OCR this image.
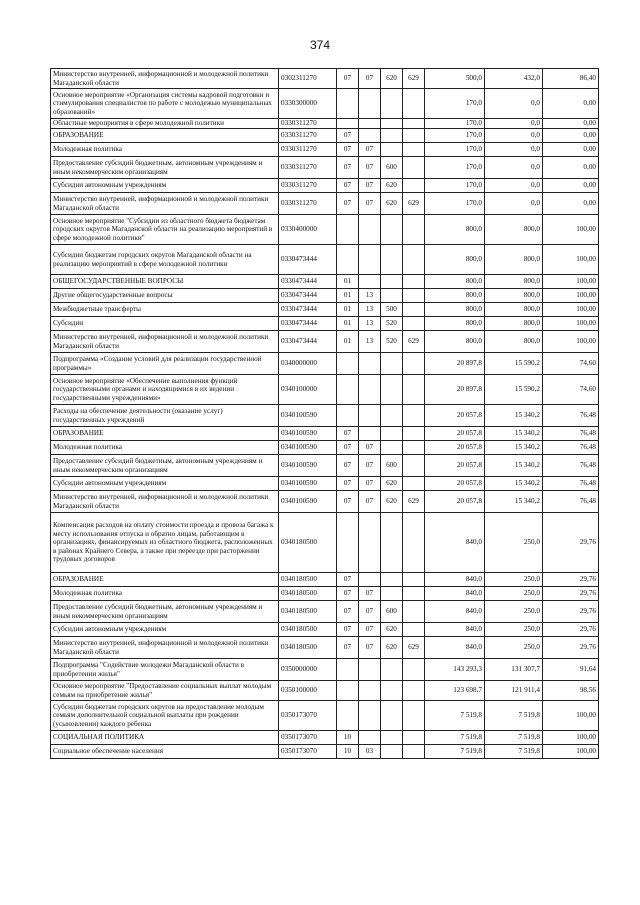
374
Министерство внутренней, информационной и молодежной политики Магаданской области	0302311270	07	07	620	629	500,0	432,0	86,40
Основное мероприятие «Организация системы кадровой подготовки и стимулирования специалистов по работе с молодежью муниципальных образований»	0330300000					170,0	0,0	0,00
Областные мероприятия в сфере молодежной политики	0330311270					170,0	0,0	0,00
ОБРАЗОВАНИЕ	0330311270	07				170,0	0,0	0,00
Молодежная политика	0330311270	07	07			170,0	0,0	0,00
Предоставление субсидий бюджетным, автономным учреждениям и иным некоммерческим организациям	0330311270	07	07	600		170,0	0,0	0,00
Субсидии автономным учреждениям	0330311270	07	07	620		170,0	0,0	0,00
Министерство внутренней, информационной и молодежной политики Магаданской области	0330311270	07	07	620	629	170,0	0,0	0,00
Основное мероприятие "Субсидии из областного бюджета бюджетам городских округов Магаданской области на реализацию мероприятий в сфере молодежной политики"	0330400000					800,0	800,0	100,00
Субсидии бюджетам городских округов Магаданской области на реализацию мероприятий в сфере молодежной политики	0330473444					800,0	800,0	100,00
ОБЩЕГОСУДАРСТВЕННЫЕ ВОПРОСЫ	0330473444	01				800,0	800,0	100,00
Другие общегосударственные вопросы	0330473444	01	13			800,0	800,0	100,00
Межбюджетные трансферты	0330473444	01	13	500		800,0	800,0	100,00
Субсидии	0330473444	01	13	520		800,0	800,0	100,00
Министерство внутренней, информационной и молодежной политики Магаданской области	0330473444	01	13	520	629	800,0	800,0	100,00
Подпрограмма «Создание условий для реализации государственной программы»	0340000000					20 897,8	15 590,2	74,60
Основное мероприятие «Обеспечение выполнения функций государственными органами и находящимися в их ведении государственными учреждениями»	0340100000					20 897,8	15 590,2	74,60
Расходы на обеспечение деятельности (оказание услуг) государственных учреждений	0340100590					20 057,8	15 340,2	76,48
ОБРАЗОВАНИЕ	0340100590	07				20 057,8	15 340,2	76,48
Молодежная политика	0340100590	07	07			20 057,8	15 340,2	76,48
Предоставление субсидий бюджетным, автономным учреждениям и иным некоммерческим организациям	0340100590	07	07	600		20 057,8	15 340,2	76,48
Субсидии автономным учреждениям	0340100590	07	07	620		20 057,8	15 340,2	76,48
Министерство внутренней, информационной и молодежной политики Магаданской области	0340100590	07	07	620	629	20 057,8	15 340,2	76,48
Компенсация расходов на оплату стоимости проезда и провоза багажа к месту использования отпуска и обратно лицам, работающим в организациях, финансируемых из областного бюджета, расположенных в районах Крайнего Севера, а также при переезде при расторжении трудовых договоров	0340180500					840,0	250,0	29,76
ОБРАЗОВАНИЕ	0340180500	07				840,0	250,0	29,76
Молодежная политика	0340180500	07	07			840,0	250,0	29,76
Предоставление субсидий бюджетным, автономным учреждениям и иным некоммерческим организациям	0340180500	07	07	600		840,0	250,0	29,76
Субсидии автономным учреждениям	0340180500	07	07	620		840,0	250,0	29,76
Министерство внутренней, информационной и молодежной политики Магаданской области	0340180500	07	07	620	629	840,0	250,0	29,76
Подпрограмма "Содействие молодежи Магаданской области в приобретении жилья"	0350000000					143 293,3	131 307,7	91,64
Основное мероприятие "Предоставление социальных выплат молодым семьям на приобретение жилья"	0350100000					123 698,7	121 911,4	98,56
Субсидии бюджетам городских округов на предоставление молодым семьям дополнительной социальной выплаты при рождении (усыновлении) каждого ребенка	0350173070					7 519,8	7 519,8	100,00
СОЦИАЛЬНАЯ ПОЛИТИКА	0350173070	10				7 519,8	7 519,8	100,00
Социальное обеспечение населения	0350173070	10	03			7 519,8	7 519,8	100,00
